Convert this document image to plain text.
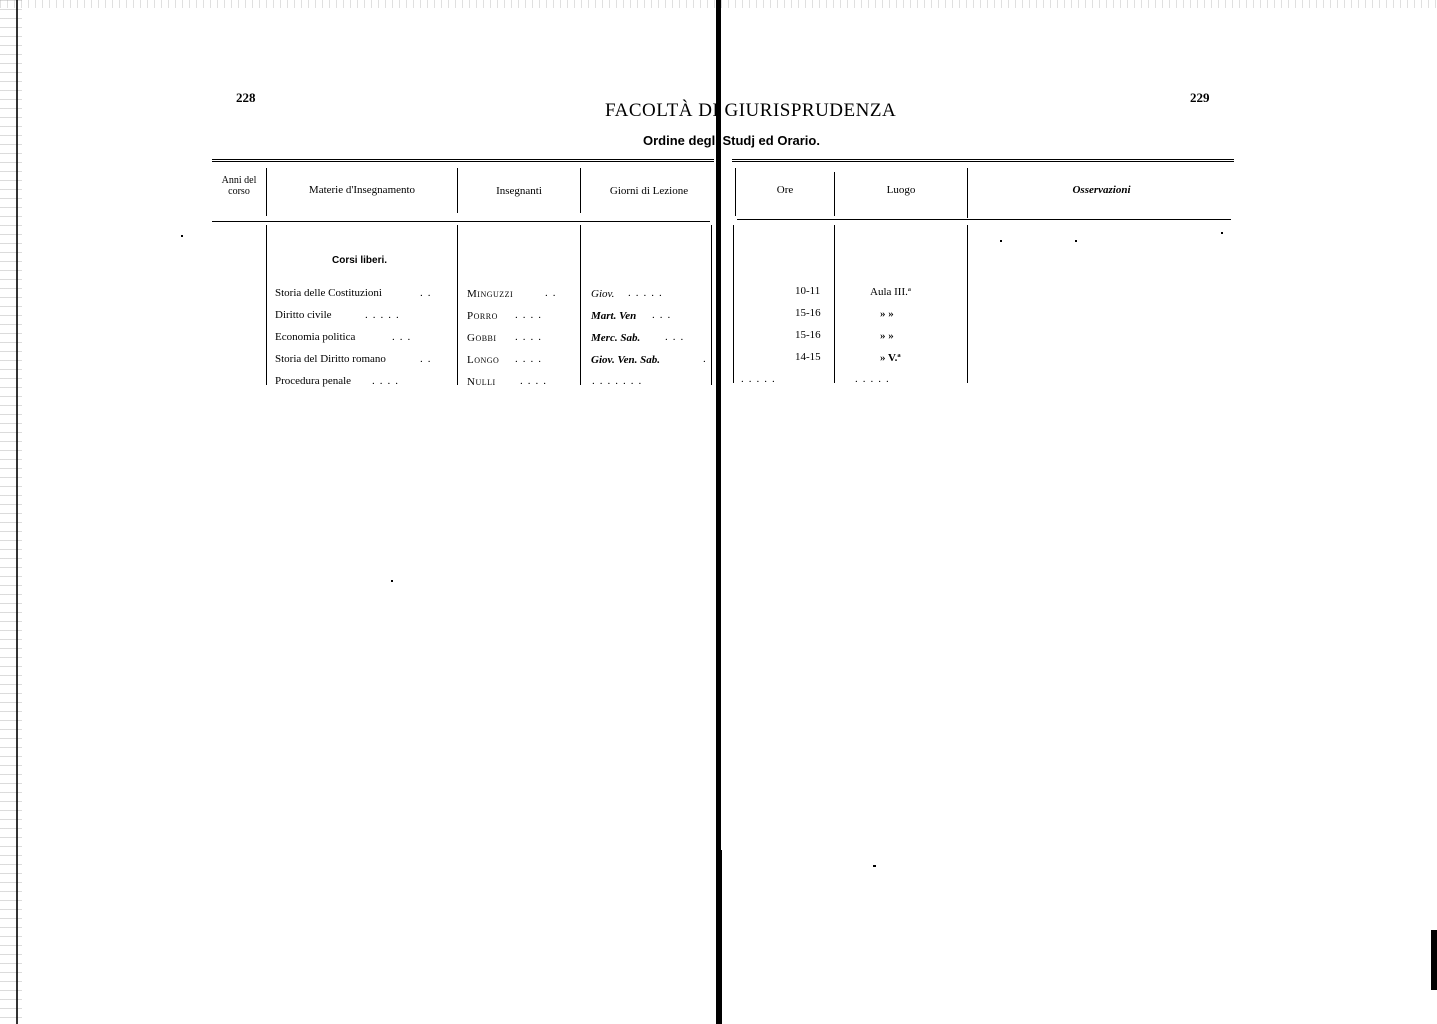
228	229
FACOLTÀ DI GIURISPRUDENZA
Ordine degli Studj ed Orario.
Anni del corso	Materie d'Insegnamento	Insegnanti	Giorni di Lezione	Ore	Luogo	Osservazioni
Corsi liberi.
Storia delle Costituzioni	..	Minguzzi	..	Giov. .....	10-11	Aula III.ª
Diritto civile	.....	Porro ....	Mart. Ven ...	15-16	» »
Economia politica	...	Gobbi ....	Merc. Sab. ...	15-16	» »
Storia del Diritto romano	..	Longo ....	Giov. Ven. Sab.	.	14-15	» V.ª
Procedura penale ....	Nulli ....	.......	.....	.....
